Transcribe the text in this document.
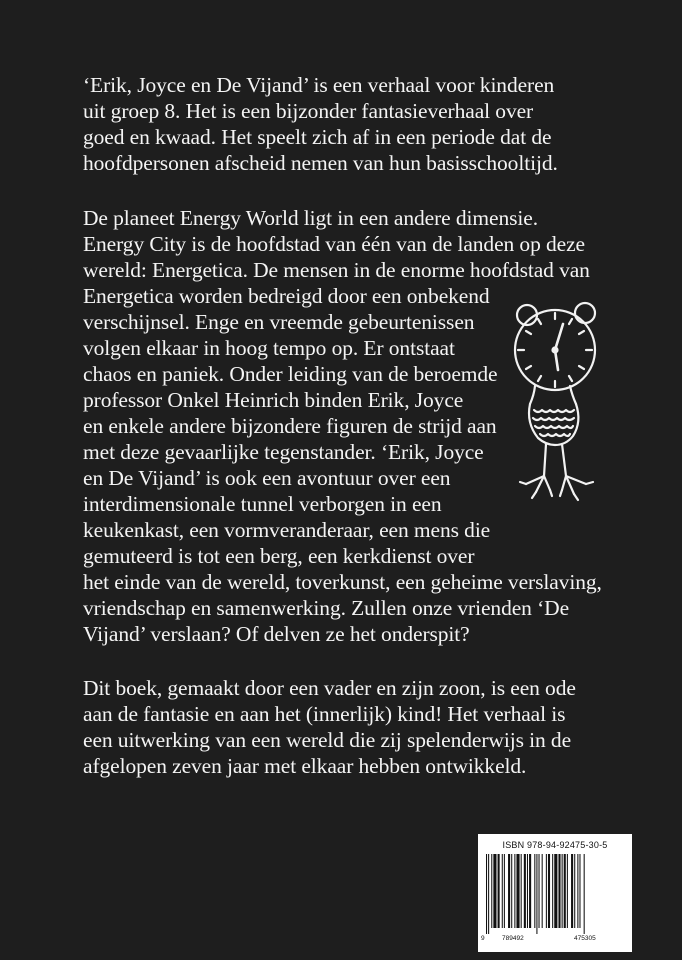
‘Erik, Joyce en De Vijand’ is een verhaal voor kinderen
uit groep 8. Het is een bijzonder fantasieverhaal over
goed en kwaad. Het speelt zich af in een periode dat de
hoofdpersonen afscheid nemen van hun basisschooltijd.
De planeet Energy World ligt in een andere dimensie.
Energy City is de hoofdstad van één van de landen op deze
wereld: Energetica. De mensen in de enorme hoofdstad van
Energetica worden bedreigd door een onbekend
verschijnsel. Enge en vreemde gebeurtenissen
volgen elkaar in hoog tempo op. Er ontstaat
chaos en paniek. Onder leiding van de beroemde
professor Onkel Heinrich binden Erik, Joyce
en enkele andere bijzondere figuren de strijd aan
met deze gevaarlijke tegenstander. ‘Erik, Joyce
en De Vijand’ is ook een avontuur over een
interdimensionale tunnel verborgen in een
keukenkast, een vormveranderaar, een mens die
gemuteerd is tot een berg, een kerkdienst over
het einde van de wereld, toverkunst, een geheime verslaving,
vriendschap en samenwerking. Zullen onze vrienden ‘De
Vijand’ verslaan? Of delven ze het onderspit?
Dit boek, gemaakt door een vader en zijn zoon, is een ode
aan de fantasie en aan het (innerlijk) kind! Het verhaal is
een uitwerking van een wereld die zij spelenderwijs in de
afgelopen zeven jaar met elkaar hebben ontwikkeld.
ISBN 978-94-92475-30-5
9	789492	475305
